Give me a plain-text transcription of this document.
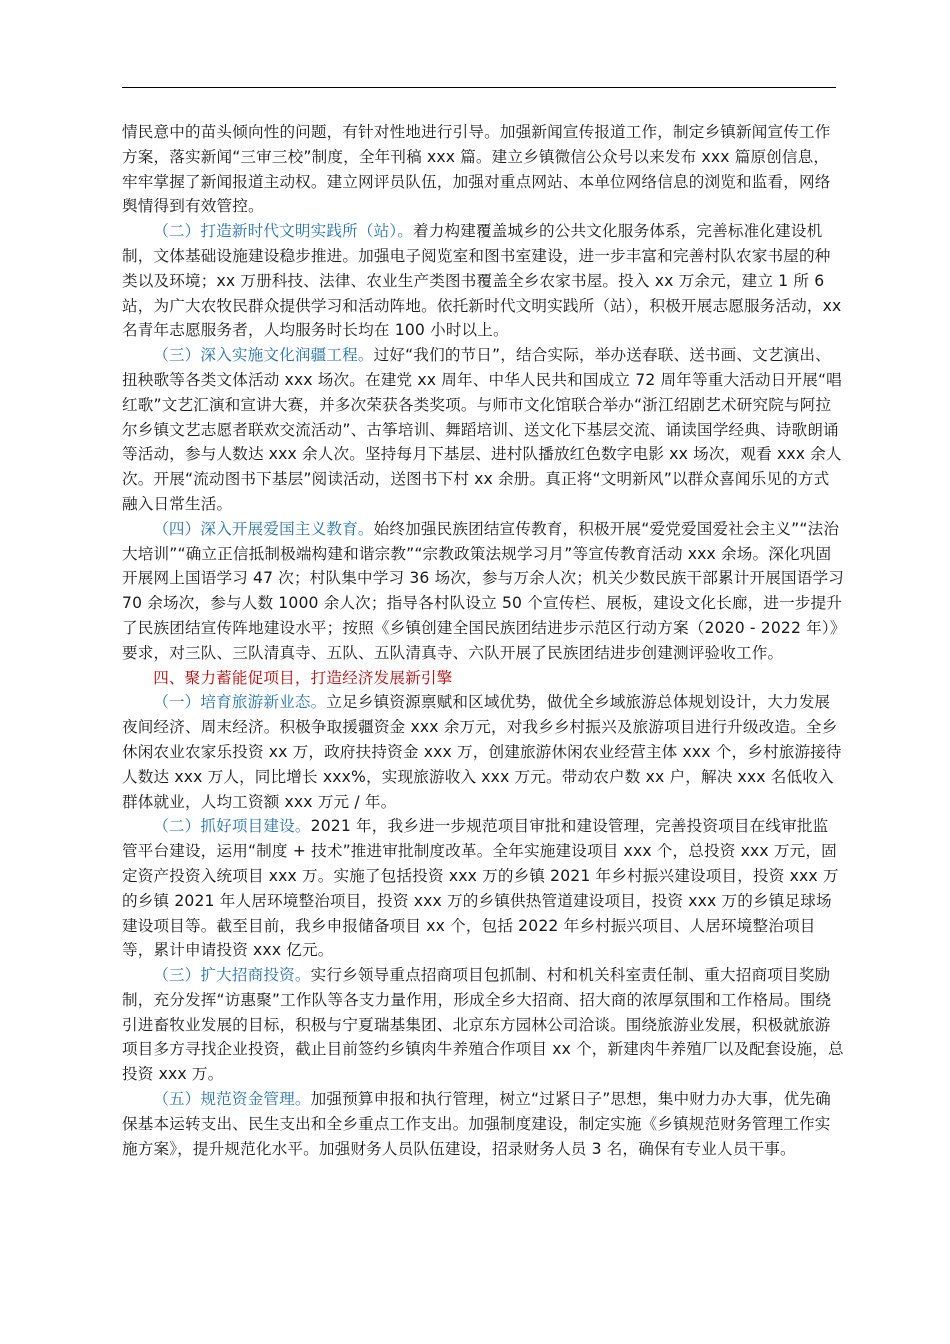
情民意中的苗头倾向性的问题，有针对性地进行引导。加强新闻宣传报道工作，制定乡镇新闻宣传工作方案，落实新闻“三审三校”制度，全年刊稿 xxx 篇。建立乡镇微信公众号以来发布 xxx 篇原创信息，牢牢掌握了新闻报道主动权。建立网评员队伍，加强对重点网站、本单位网络信息的浏览和监看，网络舆情得到有效管控。

（二）打造新时代文明实践所（站）。着力构建覆盖城乡的公共文化服务体系，完善标准化建设机制，文体基础设施建设稳步推进。加强电子阅览室和图书室建设，进一步丰富和完善村队农家书屋的种类以及环境；xx 万册科技、法律、农业生产类图书覆盖全乡农家书屋。投入 xx 万余元，建立 1 所 6 站，为广大农牧民群众提供学习和活动阵地。依托新时代文明实践所（站），积极开展志愿服务活动，xx 名青年志愿服务者，人均服务时长均在 100 小时以上。

（三）深入实施文化润疆工程。过好“我们的节日”，结合实际，举办送春联、送书画、文艺演出、扭秧歌等各类文体活动 xxx 场次。在建党 xx 周年、中华人民共和国成立 72 周年等重大活动日开展“唱红歌”文艺汇演和宣讲大赛，并多次荣获各类奖项。与师市文化馆联合举办“浙江绍剧艺术研究院与阿拉尔乡镇文艺志愿者联欢交流活动”、古筝培训、舞蹈培训、送文化下基层交流、诵读国学经典、诗歌朗诵等活动，参与人数达 xxx 余人次。坚持每月下基层、进村队播放红色数字电影 xx 场次，观看 xxx 余人次。开展“流动图书下基层”阅读活动，送图书下村 xx 余册。真正将“文明新风”以群众喜闻乐见的方式融入日常生活。

（四）深入开展爱国主义教育。始终加强民族团结宣传教育，积极开展“爱党爱国爱社会主义”“法治大培训”“确立正信抵制极端构建和谐宗教”“宗教政策法规学习月”等宣传教育活动 xxx 余场。深化巩固开展网上国语学习 47 次；村队集中学习 36 场次，参与万余人次；机关少数民族干部累计开展国语学习 70 余场次，参与人数 1000 余人次；指导各村队设立 50 个宣传栏、展板，建设文化长廊，进一步提升了民族团结宣传阵地建设水平；按照《乡镇创建全国民族团结进步示范区行动方案（2020 - 2022 年）》要求，对三队、三队清真寺、五队、五队清真寺、六队开展了民族团结进步创建测评验收工作。

四、聚力蓄能促项目，打造经济发展新引擎

（一）培育旅游新业态。立足乡镇资源禀赋和区域优势，做优全乡域旅游总体规划设计，大力发展夜间经济、周末经济。积极争取援疆资金 xxx 余万元，对我乡乡村振兴及旅游项目进行升级改造。全乡休闲农业农家乐投资 xx 万，政府扶持资金 xxx 万，创建旅游休闲农业经营主体 xxx 个，乡村旅游接待人数达 xxx 万人，同比增长 xxx%，实现旅游收入 xxx 万元。带动农户数 xx 户，解决 xxx 名低收入群体就业，人均工资额 xxx 万元 / 年。

（二）抓好项目建设。2021 年，我乡进一步规范项目审批和建设管理，完善投资项目在线审批监管平台建设，运用“制度 + 技术”推进审批制度改革。全年实施建设项目 xxx 个，总投资 xxx 万元，固定资产投资入统项目 xxx 万。实施了包括投资 xxx 万的乡镇 2021 年乡村振兴建设项目，投资 xxx 万的乡镇 2021 年人居环境整治项目，投资 xxx 万的乡镇供热管道建设项目，投资 xxx 万的乡镇足球场建设项目等。截至目前，我乡申报储备项目 xx 个，包括 2022 年乡村振兴项目、人居环境整治项目等，累计申请投资 xxx 亿元。

（三）扩大招商投资。实行乡领导重点招商项目包抓制、村和机关科室责任制、重大招商项目奖励制，充分发挥“访惠聚”工作队等各支力量作用，形成全乡大招商、招大商的浓厚氛围和工作格局。围绕引进畜牧业发展的目标，积极与宁夏瑞基集团、北京东方园林公司洽谈。围绕旅游业发展，积极就旅游项目多方寻找企业投资，截止目前签约乡镇肉牛养殖合作项目 xx 个，新建肉牛养殖厂以及配套设施，总投资 xxx 万。

（五）规范资金管理。加强预算申报和执行管理，树立“过紧日子”思想，集中财力办大事，优先确保基本运转支出、民生支出和全乡重点工作支出。加强制度建设，制定实施《乡镇规范财务管理工作实施方案》，提升规范化水平。加强财务人员队伍建设，招录财务人员 3 名，确保有专业人员干事。
